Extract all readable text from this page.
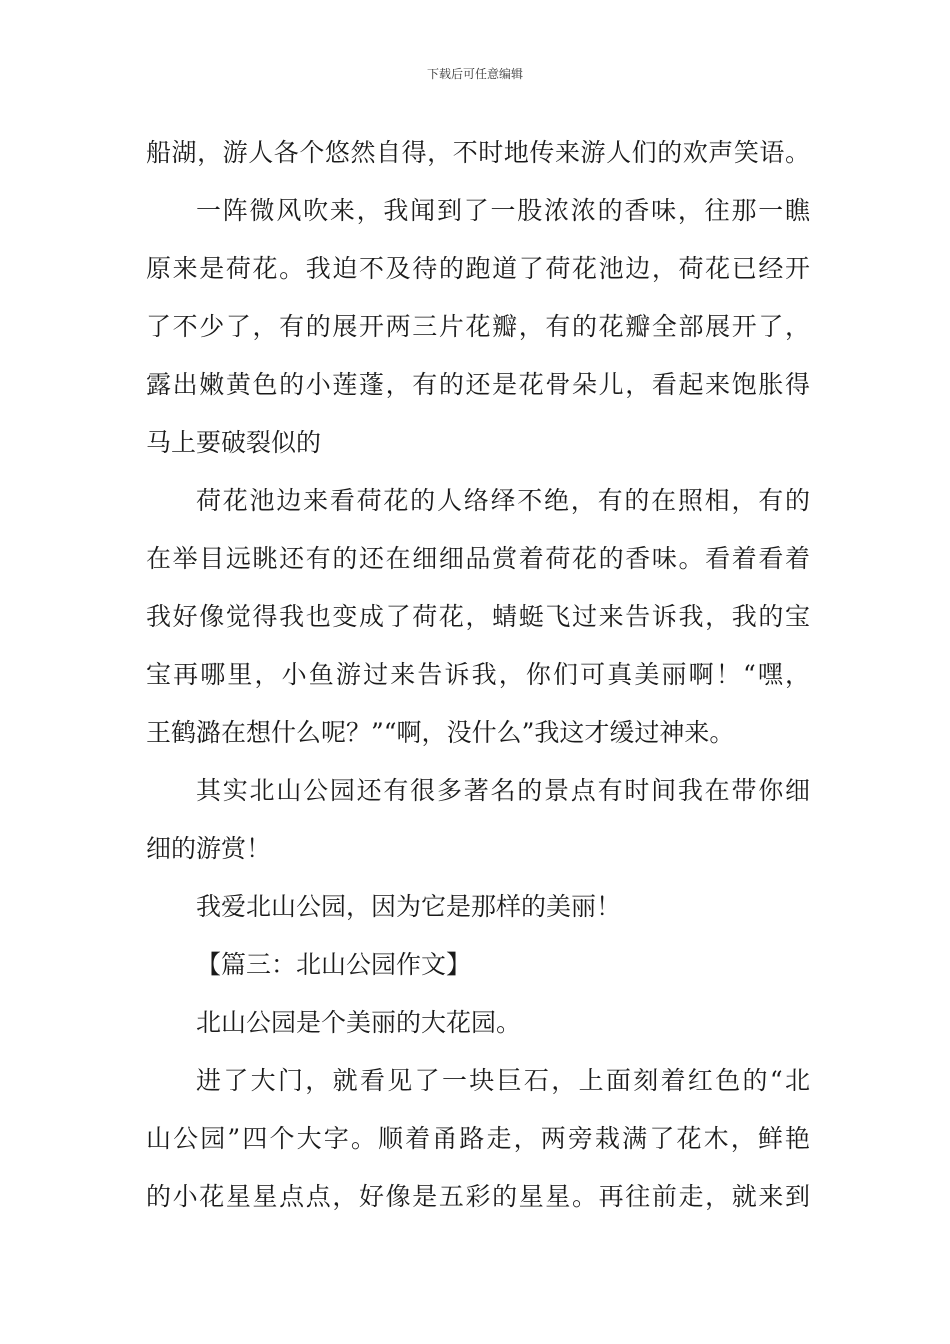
下载后可任意编辑
船湖，游人各个悠然自得，不时地传来游人们的欢声笑语。
一阵微风吹来，我闻到了一股浓浓的香味，往那一瞧
原来是荷花。我迫不及待的跑道了荷花池边，荷花已经开
了不少了，有的展开两三片花瓣，有的花瓣全部展开了，
露出嫩黄色的小莲蓬，有的还是花骨朵儿，看起来饱胀得
马上要破裂似的
荷花池边来看荷花的人络绎不绝，有的在照相，有的
在举目远眺还有的还在细细品赏着荷花的香味。看着看着
我好像觉得我也变成了荷花，蜻蜓飞过来告诉我，我的宝
宝再哪里，小鱼游过来告诉我，你们可真美丽啊！“嘿，
王鹤潞在想什么呢？”“啊，没什么”我这才缓过神来。
其实北山公园还有很多著名的景点有时间我在带你细
细的游赏！
我爱北山公园，因为它是那样的美丽！
【篇三：北山公园作文】
北山公园是个美丽的大花园。
进了大门，就看见了一块巨石，上面刻着红色的“北
山公园”四个大字。顺着甬路走，两旁栽满了花木，鲜艳
的小花星星点点，好像是五彩的星星。再往前走，就来到
